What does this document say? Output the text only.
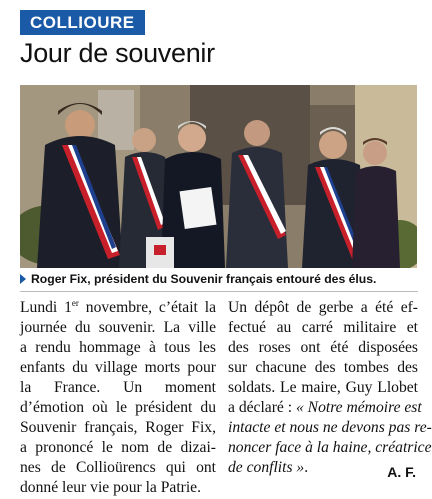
COLLIOURE
Jour de souvenir
Roger Fix, président du Souvenir français entouré des élus.
Lundi 1er novembre, c’était la
journée du souvenir. La ville
a rendu hommage à tous les
enfants du village morts pour
la France. Un moment
d’émotion où le président du
Souvenir français, Roger Fix,
a prononcé le nom de dizai-
nes de Collioürencs qui ont
donné leur vie pour la Patrie.
Un dépôt de gerbe a été ef-
fectué au carré militaire et
des roses ont été disposées
sur chacune des tombes des
soldats. Le maire, Guy Llobet
a déclaré : « Notre mémoire est
intacte et nous ne devons pas re-
noncer face à la haine, créatrice
de conflits ».	A. F.
